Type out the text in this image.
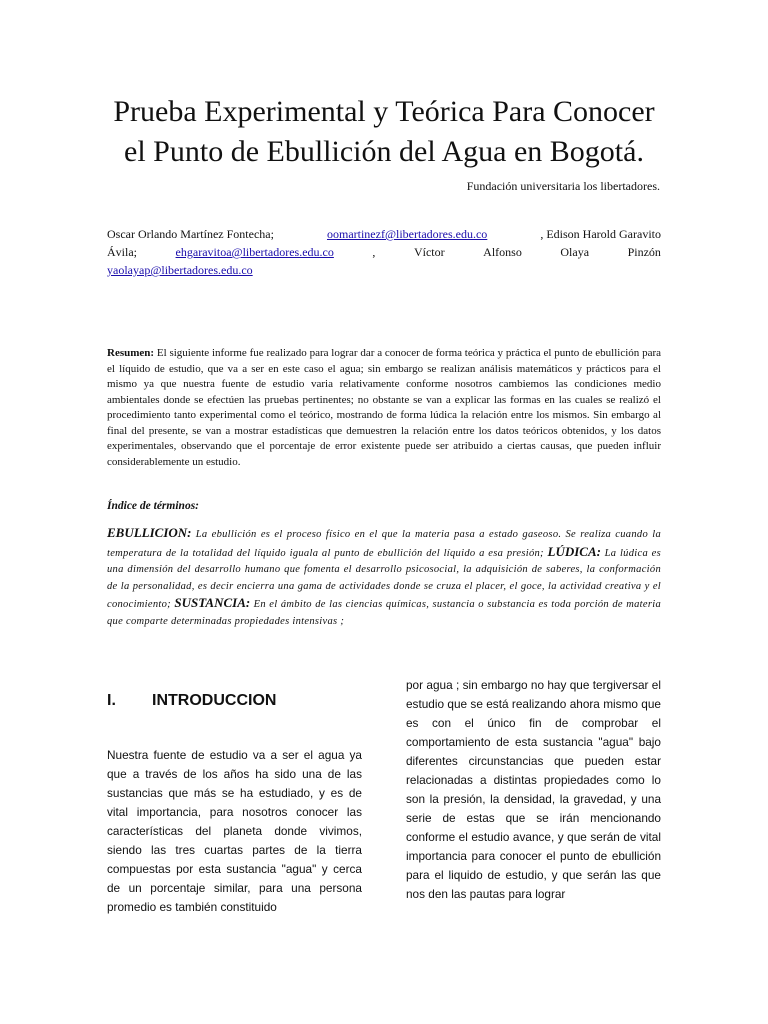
Prueba Experimental y Teórica Para Conocer
el Punto de Ebullición del Agua en Bogotá.
Fundación universitaria los libertadores.
Oscar Orlando Martínez Fontecha;	oomartinezf@libertadores.edu.co	, Edison Harold Garavito
Ávila;	ehgaravitoa@libertadores.edu.co	,	Víctor	Alfonso	Olaya	Pinzón
yaolayap@libertadores.edu.co

Resumen: El siguiente informe fue realizado para lograr dar a conocer de forma teórica y práctica el punto de ebullición para el líquido de estudio, que va a ser en este caso el agua; sin embargo se realizan análisis matemáticos y prácticos para el mismo ya que nuestra fuente de estudio varia relativamente conforme nosotros cambiemos las condiciones medio ambientales donde se efectúen las pruebas pertinentes; no obstante se van a explicar las formas en las cuales se realizó el procedimiento tanto experimental como el teórico, mostrando de forma lúdica la relación entre los mismos. Sin embargo al final del presente, se van a mostrar estadísticas que demuestren la relación entre los datos teóricos obtenidos, y los datos experimentales, observando que el porcentaje de error existente puede ser atribuido a ciertas causas, que pueden influir considerablemente un estudio.

Índice de términos:

EBULLICION: La ebullición es el proceso físico en el que la materia pasa a estado gaseoso. Se realiza cuando la temperatura de la totalidad del líquido iguala al punto de ebullición del líquido a esa presión; LÚDICA: La lúdica es una dimensión del desarrollo humano que fomenta el desarrollo psicosocial, la adquisición de saberes, la conformación de la personalidad, es decir encierra una gama de actividades donde se cruza el placer, el goce, la actividad creativa y el conocimiento; SUSTANCIA: En el ámbito de las ciencias químicas, sustancia o substancia es toda porción de materia que comparte determinadas propiedades intensivas ;

I.	INTRODUCCION

Nuestra fuente de estudio va a ser el agua ya que a través de los años ha sido una de las sustancias que más se ha estudiado, y es de vital importancia, para nosotros conocer las características del planeta donde vivimos, siendo las tres cuartas partes de la tierra compuestas por esta sustancia "agua" y cerca de un porcentaje similar, para una persona promedio es también constituido

por agua ; sin embargo no hay que tergiversar el estudio que se está realizando ahora mismo que es con el único fin de comprobar el comportamiento de esta sustancia "agua" bajo diferentes circunstancias que pueden estar relacionadas a distintas propiedades como lo son la presión, la densidad, la gravedad, y una serie de estas que se irán mencionando conforme el estudio avance, y que serán de vital importancia para conocer el punto de ebullición para el liquido de estudio, y que serán las que nos den las pautas para lograr
